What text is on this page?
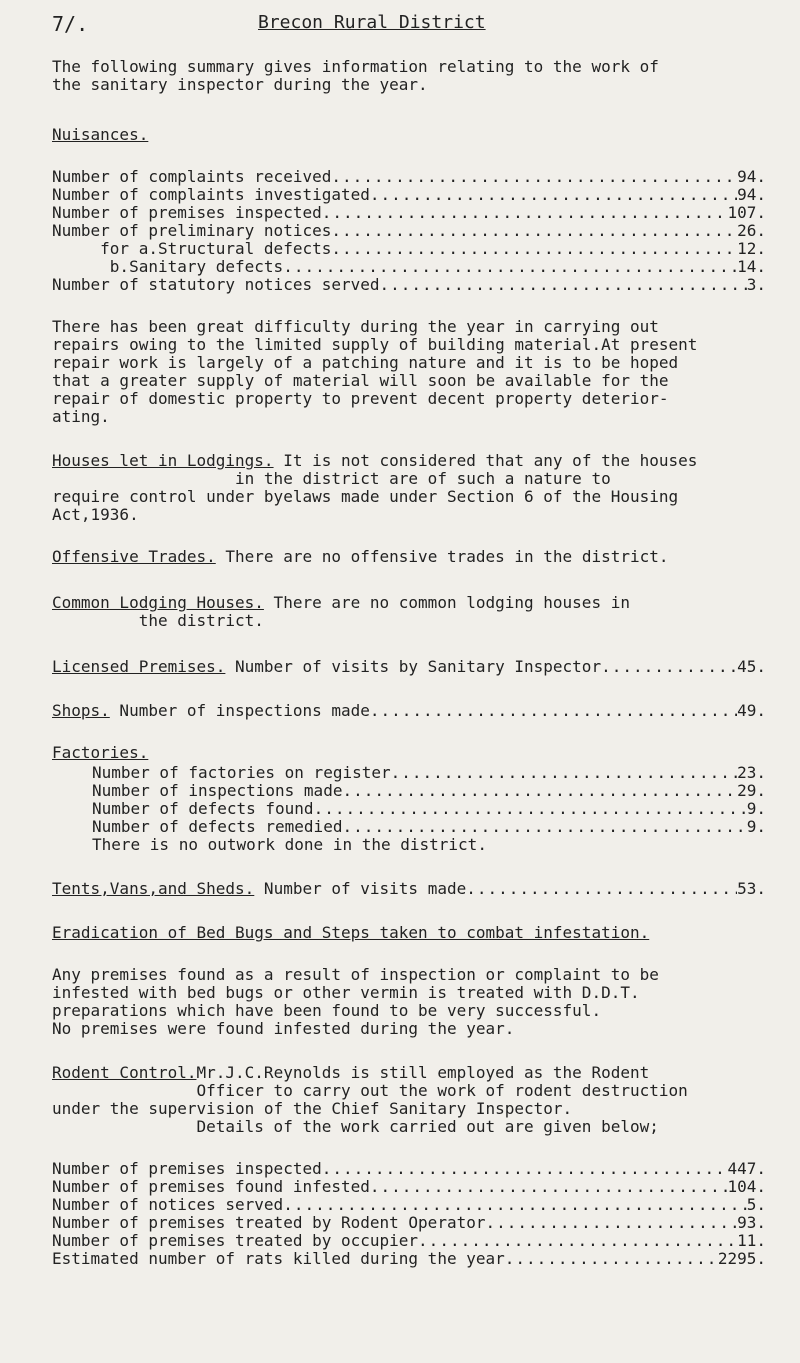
7/.	Brecon Rural District
The following summary gives information relating to the work of
the sanitary inspector during the year.
Nuisances.
Number of complaints received .....	94.
Number of complaints investigated .....	94.
Number of premises inspected .....	107.
Number of preliminary notices .....	26.
for a.Structural defects .....	12.
b.Sanitary defects .....	14.
Number of statutory notices served .....	3.
There has been great difficulty during the year in carrying out
repairs owing to the limited supply of building material.At present
repair work is largely of a patching nature and it is to be hoped
that a greater supply of material will soon be available for the
repair of domestic property to prevent decent property deterior-
ating.
Houses let in Lodgings. It is not considered that any of the houses
in the district are of such a nature to
require control under byelaws made under Section 6 of the Housing
Act,1936.
Offensive Trades. There are no offensive trades in the district.
Common Lodging Houses. There are no common lodging houses in
the district.
Licensed Premises. Number of visits by Sanitary Inspector .....	45.
Shops. Number of inspections made .....	49.
Factories.
Number of factories on register .....	23.
Number of inspections made .....	29.
Number of defects found .....	9.
Number of defects remedied .....	9.
There is no outwork done in the district.
Tents,Vans,and Sheds. Number of visits made .....	53.
Eradication of Bed Bugs and Steps taken to combat infestation.
Any premises found as a result of inspection or complaint to be
infested with bed bugs or other vermin is treated with D.D.T.
preparations which have been found to be very successful.
No premises were found infested during the year.
Rodent Control.Mr.J.C.Reynolds is still employed as the Rodent
Officer to carry out the work of rodent destruction
under the supervision of the Chief Sanitary Inspector.
Details of the work carried out are given below;
Number of premises inspected .....	447.
Number of premises found infested .....	104.
Number of notices served .....	5.
Number of premises treated by Rodent Operator .....	93.
Number of premises treated by occupier .....	11.
Estimated number of rats killed during the year .....	2295.
